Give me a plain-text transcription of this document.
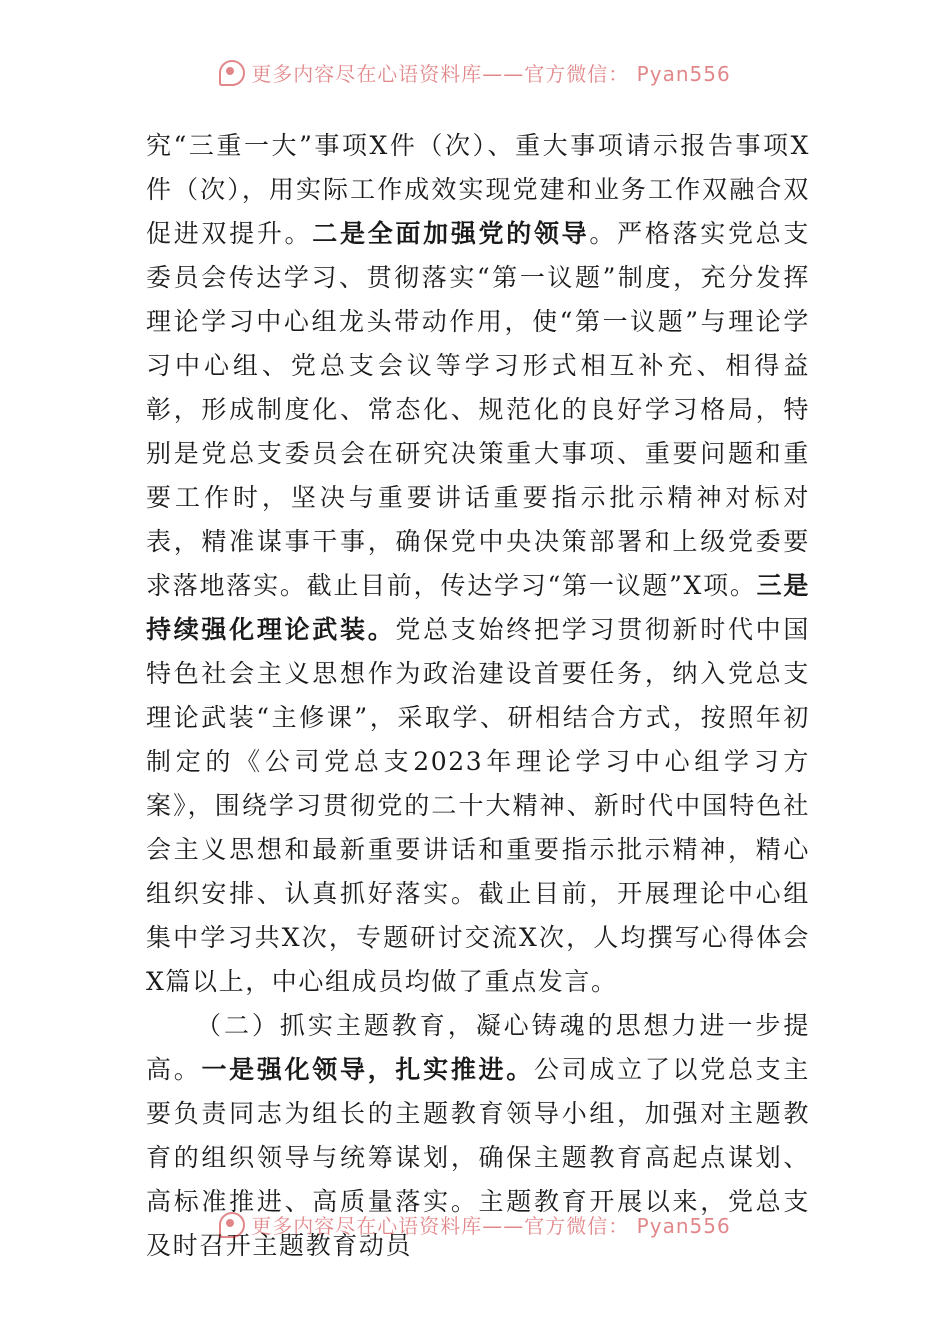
更多内容尽在心语资料库——官方微信： Pyan556

究“三重一大”事项X件（次）、重大事项请示报告事项X件（次），用实际工作成效实现党建和业务工作双融合双促进双提升。二是全面加强党的领导。严格落实党总支委员会传达学习、贯彻落实“第一议题”制度，充分发挥理论学习中心组龙头带动作用，使“第一议题”与理论学习中心组、党总支会议等学习形式相互补充、相得益彰，形成制度化、常态化、规范化的良好学习格局，特别是党总支委员会在研究决策重大事项、重要问题和重要工作时，坚决与重要讲话重要指示批示精神对标对表，精准谋事干事，确保党中央决策部署和上级党委要求落地落实。截止目前，传达学习“第一议题”X项。三是持续强化理论武装。党总支始终把学习贯彻新时代中国特色社会主义思想作为政治建设首要任务，纳入党总支理论武装“主修课”，采取学、研相结合方式，按照年初制定的《公司党总支2023年理论学习中心组学习方案》，围绕学习贯彻党的二十大精神、新时代中国特色社会主义思想和最新重要讲话和重要指示批示精神，精心组织安排、认真抓好落实。截止目前，开展理论中心组集中学习共X次，专题研讨交流X次，人均撰写心得体会X篇以上，中心组成员均做了重点发言。

（二）抓实主题教育，凝心铸魂的思想力进一步提高。一是强化领导，扎实推进。公司成立了以党总支主要负责同志为组长的主题教育领导小组，加强对主题教育的组织领导与统筹谋划，确保主题教育高起点谋划、高标准推进、高质量落实。主题教育开展以来，党总支及时召开主题教育动员

更多内容尽在心语资料库——官方微信： Pyan556
